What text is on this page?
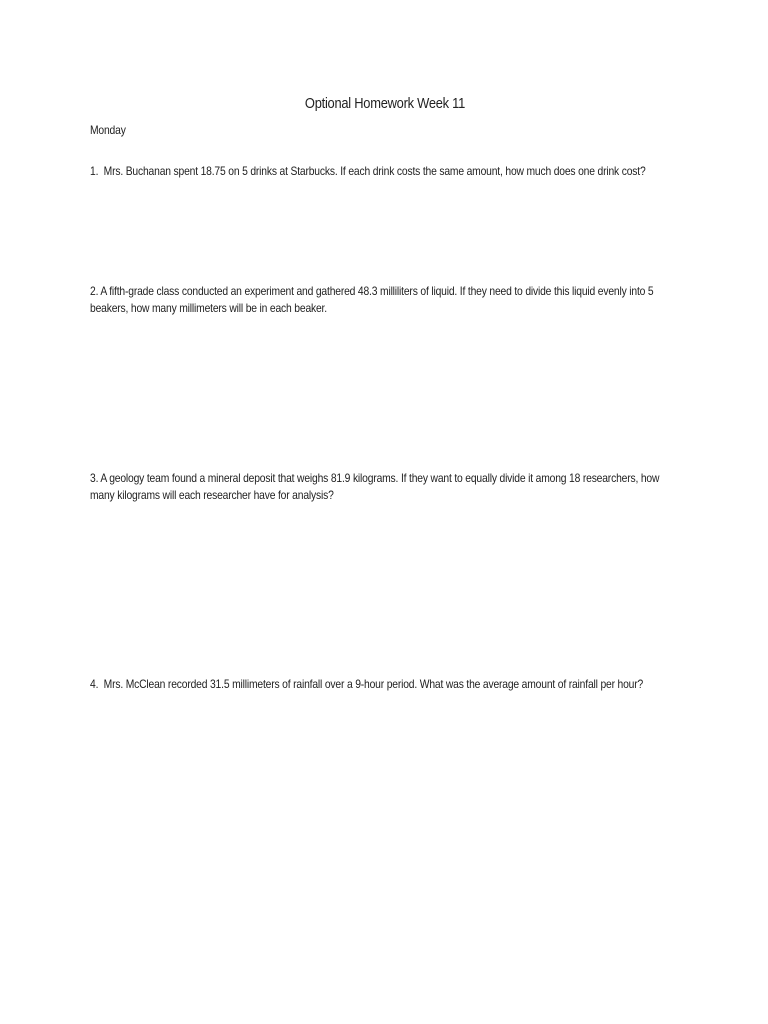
Optional Homework Week 11
Monday
1.  Mrs. Buchanan spent 18.75 on 5 drinks at Starbucks. If each drink costs the same amount, how much does one drink cost?
2. A fifth-grade class conducted an experiment and gathered 48.3 milliliters of liquid. If they need to divide this liquid evenly into 5 beakers, how many millimeters will be in each beaker.
3. A geology team found a mineral deposit that weighs 81.9 kilograms. If they want to equally divide it among 18 researchers, how many kilograms will each researcher have for analysis?
4.  Mrs. McClean recorded 31.5 millimeters of rainfall over a 9-hour period. What was the average amount of rainfall per hour?
